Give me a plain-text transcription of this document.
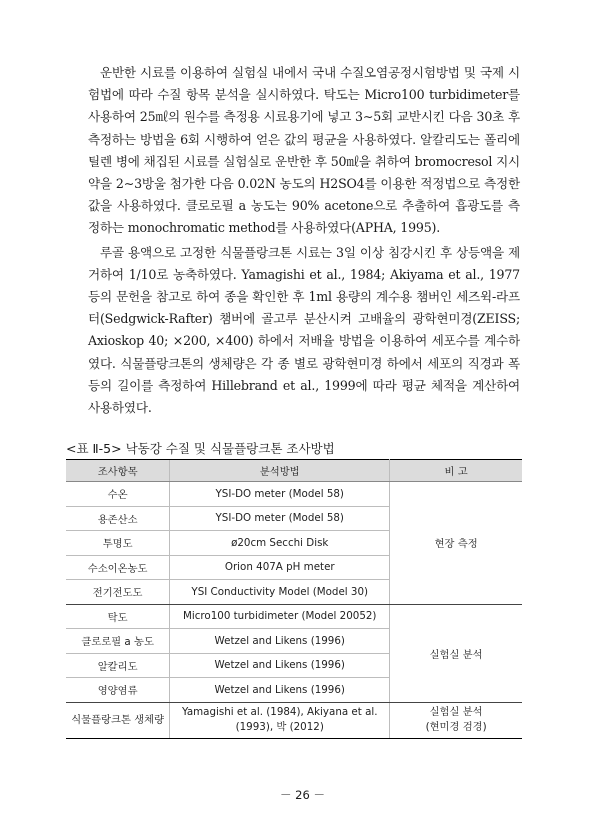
운반한 시료를 이용하여 실험실 내에서 국내 수질오염공정시험방법 및 국제 시험법에 따라 수질 항목 분석을 실시하였다. 탁도는 Micro100 turbidimeter를 사용하여 25㎖의 원수를 측정용 시료용기에 넣고 3∼5회 교반시킨 다음 30초 후 측정하는 방법을 6회 시행하여 얻은 값의 평균을 사용하였다. 알칼리도는 폴리에틸렌 병에 채집된 시료를 실험실로 운반한 후 50㎖을 취하여 bromocresol 지시약을 2∼3방울 첨가한 다음 0.02N 농도의 H2SO4를 이용한 적정법으로 측정한 값을 사용하였다. 클로로필 a 농도는 90% acetone으로 추출하여 흡광도를 측정하는 monochromatic method를 사용하였다(APHA, 1995).

루골 용액으로 고정한 식물플랑크톤 시료는 3일 이상 침강시킨 후 상등액을 제거하여 1/10로 농축하였다. Yamagishi et al., 1984; Akiyama et al., 1977 등의 문헌을 참고로 하여 종을 확인한 후 1ml 용량의 계수용 챔버인 세즈윅-라프터(Sedgwick-Rafter) 챔버에 골고루 분산시켜 고배율의 광학현미경(ZEISS; Axioskop 40; ×200, ×400) 하에서 저배율 방법을 이용하여 세포수를 계수하였다. 식물플랑크톤의 생체량은 각 종 별로 광학현미경 하에서 세포의 직경과 폭 등의 길이를 측정하여 Hillebrand et al., 1999에 따라 평균 체적을 계산하여 사용하였다.

<표 Ⅱ-5> 낙동강 수질 및 식물플랑크톤 조사방법
조사항목	분석방법	비 고
수온	YSI-DO meter (Model 58)	현장 측정
용존산소	YSI-DO meter (Model 58)	
투명도	ø20cm Secchi Disk	
수소이온농도	Orion 407A pH meter	
전기전도도	YSI Conductivity Model (Model 30)	
탁도	Micro100 turbidimeter (Model 20052)	실험실 분석
클로로필 a 농도	Wetzel and Likens (1996)	
알칼리도	Wetzel and Likens (1996)	
영양염류	Wetzel and Likens (1996)	
식물플랑크톤 생체량	Yamagishi et al. (1984), Akiyana et al. (1993), 박 (2012)	실험실 분석
(현미경 검경)
－ 26 －
